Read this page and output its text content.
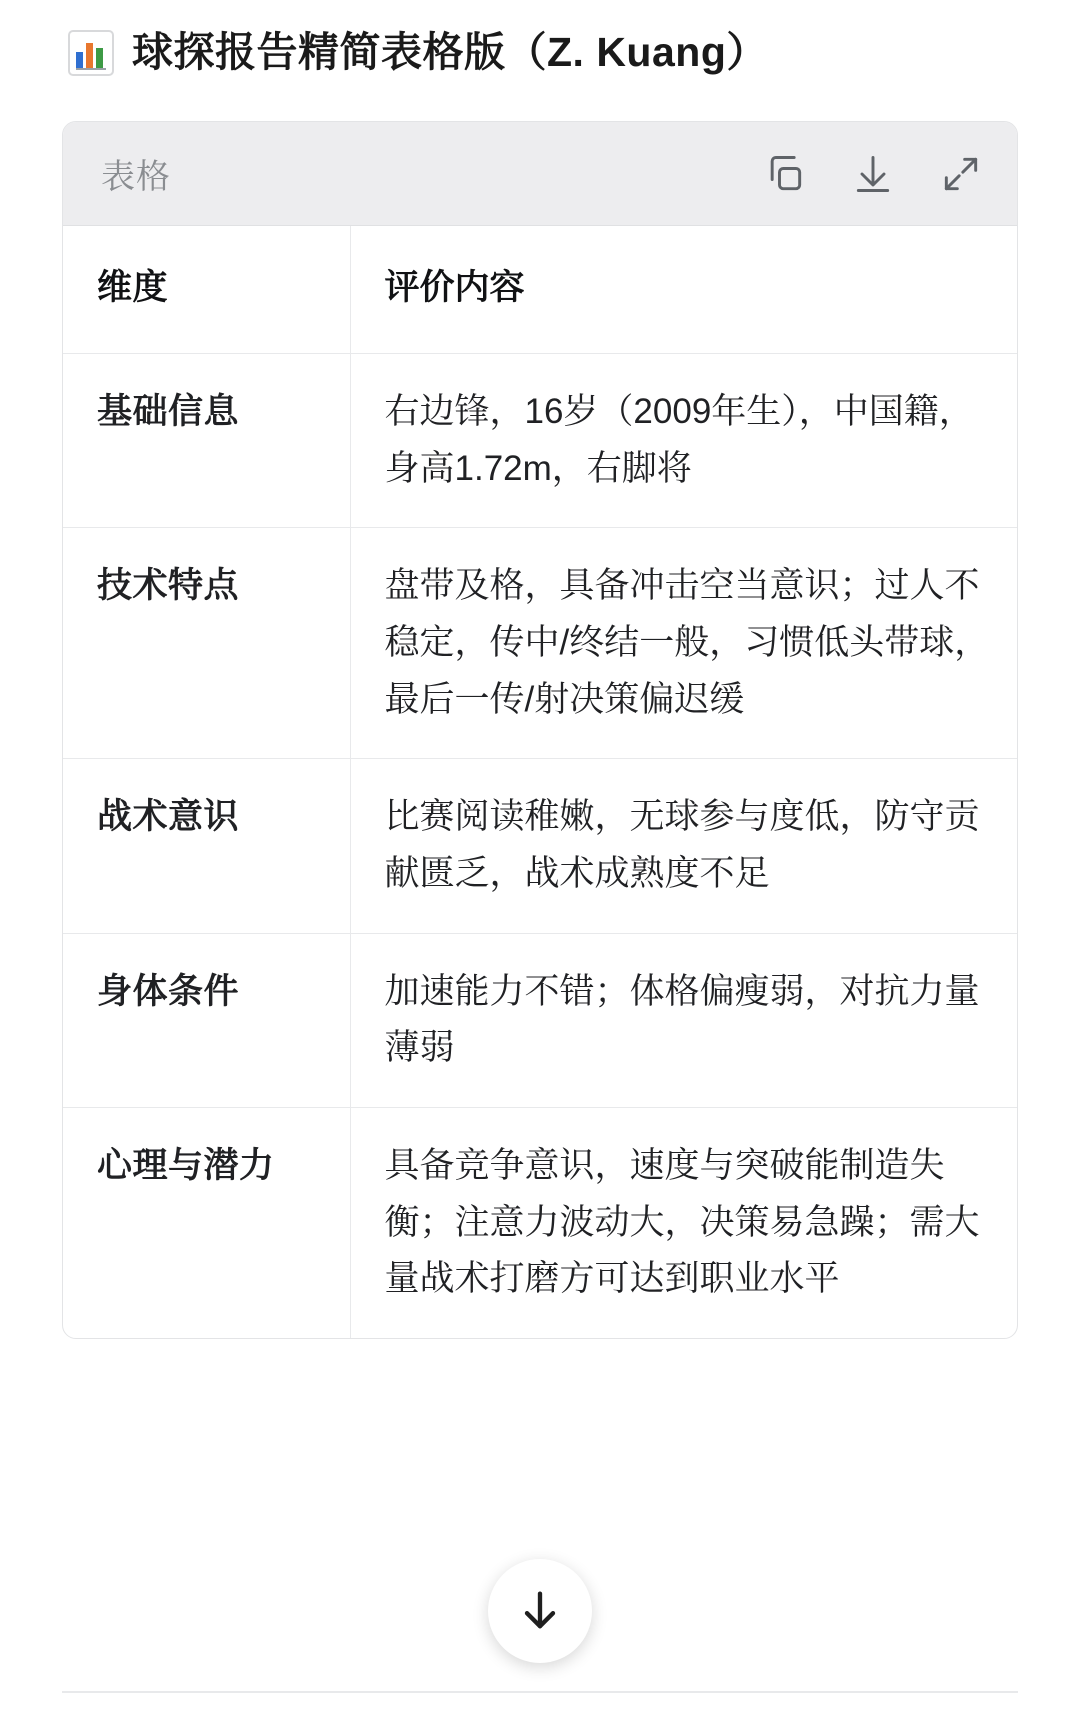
球探报告精简表格版（Z. Kuang）
表格
维度	评价内容
基础信息	右边锋，16岁（2009年生），中国籍，身高1.72m，右脚将
技术特点	盘带及格，具备冲击空当意识；过人不稳定，传中/终结一般，习惯低头带球，最后一传/射决策偏迟缓
战术意识	比赛阅读稚嫩，无球参与度低，防守贡献匮乏，战术成熟度不足
身体条件	加速能力不错；体格偏瘦弱，对抗力量薄弱
心理与潜力	具备竞争意识，速度与突破能制造失衡；注意力波动大，决策易急躁；需大量战术打磨方可达到职业水平
